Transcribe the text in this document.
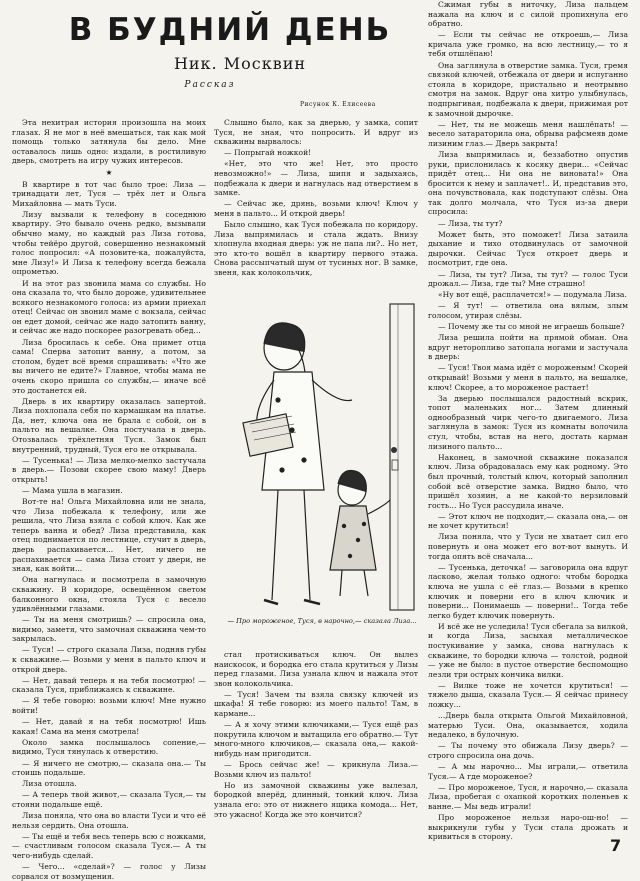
В БУДНИЙ ДЕНЬ
Ник. Москвин
Рассказ
Рисунок К. Елисеева

Эта нехитрая история произошла на моих глазах. Я не мог в неё вмешаться, так как мой помощь только затянула бы дело. Мне оставалось лишь одно: издали, в ростиливую дверь, смотреть на игру чужих интересов.

★

В квартире в тот час было трое: Лиза — тринадцати лет, Туся — трёх лет и Ольга Михайловна — мать Туси.

Лизу вызвали к телефону в соседнюю квартиру. Это бывало очень редко, вызывали обычно маму, но каждый раз Лиза готова, чтобы тейёро другой, совершенно незнакомый голос попросил: «А позовите-ка, пожалуйста, мне Лизу!» И Лиза к телефону всегда бежала опрометью.

И на этот раз звонила мама со службы. Но она сказала то, что было дороже, удивительнее всякого незнакомого голоса: из армии приехал отец! Сейчас он звонил маме с вокзала, сейчас он едет домой, сейчас же надо затопить ванну, и сейчас же надо поскорее разогревать обед...

Лиза бросилась к себе. Она примет отца сама! Сперва затопит ванну, а потом, за столом, будет всё время спрашивать: «Что же вы ничего не едите?» Главное, чтобы мама не очень скоро пришла со службы,— иначе всё это достанется ей.

Дверь в их квартиру оказалась запертой. Лиза похлопала себя по кармашкам на платье. Да, нет, ключа она не брала с собой, он в пальто на вешалке. Она постучала в дверь. Отозвалась трёхлетняя Туся. Замок был внутренний, трудный, Туся его не открывала.

— Тусенька! — Лиза мелко-мелко застучала в дверь.— Позови скорее свою маму! Дверь открыть!

— Мама ушла в магазин.

Вот-те на! Ольга Михайловна или не знала, что Лиза побежала к телефону, или же решила, что Лиза взяла с собой ключ. Как же теперь ванна и обед? Лиза представила, как отец поднимается по лестнице, стучит в дверь, дверь распахивается... Нет, ничего не распахивается — сама Лиза стоит у двери, не зная, как войти...

Она нагнулась и посмотрела в замочную скважину. В коридоре, освещённом светом балконного окна, стояла Туся с весело удивлёнными глазами.

— Ты на меня смотришь? — спросила она, видимо, заметя, что замочная скважина чем-то закрылась.

— Туся! — строго сказала Лиза, подняв губы к скважине.— Возьми у меня в пальто ключ и открой дверь.

— Нет, давай теперь я на тебя посмотрю! — сказала Туся, приближаясь к скважине.

— Я тебе говорю: возьми ключ! Мне нужно войти!

— Нет, давай я на тебя посмотрю! Ишь какая! Сама на меня смотрела!

Около замка послышалось сопение,— видимо, Туся тянулась к отверстию.

— Я ничего не смотрю,— сказала она.— Ты стоишь подальше.

Лиза отошла.

— А теперь твой живот,— сказала Туся,— ты стояни подальше ещё.

Лиза поняла, что она во власти Туси и что её нельзя сердить. Она отошла.

— Ты ещё и тебя весь теперь всю с ножками,— счастливым голосом сказала Туся.— А ты чего-нибудь сделай.

— Чего... «сделай»? — голос у Лизы сорвался от возмущения.

Слышно было, как за дверью, у замка, сопит Туся, не зная, что попросить. И вдруг из скважины вырвалось:

— Попрыгай ножкой!

«Нет, это что же! Нет, это просто невозможно!» — Лиза, шипя и задыхаясь, подбежала к двери и нагнулась над отверстием в замке.

— Сейчас же, дрянь, возьми ключ! Ключ у меня в пальто... И открой дверь!

Было слышно, как Туся побежала по коридору. Лиза выпрямилась и стала ждать. Внизу хлопнула входная дверь: уж не папа ли?.. Но нет, это кто-то вошёл в квартиру первого этажа. Снова рассыпчатый шум от тусиных ног. В замке, звеня, как колокольчик,

— Про мороженое, Туся, в нарочно,— сказала Лиза...

стал протискиваться ключ. Он вылез наискосок, и бородка его стала крутиться у Лизы перед глазами. Лиза узнала ключ и нажала этот звон колокольчика.

— Туся! Зачем ты взяла связку ключей из шкафа! Я тебе говорю: из моего пальто! Там, в кармане...

— А я хочу этими ключиками,— Туся ещё раз покрутила ключом и вытащила его обратно.— Тут много-много ключиков,— сказала она,— какой-нибудь нам пригодится.

— Брось сейчас же! — крикнула Лиза.— Возьми ключ из пальто!

Но из замочной скважины уже вылезал, бородкой вперёд, длинный, тонкий ключ. Лиза узнала его: это от нижнего ящика комода... Нет, это ужасно! Когда же это кончится?

Сжимая губы в ниточку, Лиза пальцем нажала на ключ и с силой пропихнула его обратно.

— Если ты сейчас не откроешь,— Лиза кричала уже громко, на всю лестницу,— то я тебя отшлёпаю!

Она заглянула в отверстие замка. Туся, гремя связкой ключей, отбежала от двери и испуганно стояла в коридоре, пристально и неотрывно смотря на замок. Вдруг она хитро улыбнулась, подпрыгивая, подбежала к двери, прижимая рот к замочной дырочке.

— Нет, ты не можешь меня нашлёпать! — весело затараторила она, обрыва рафсмеяв доме лизиним глаз.— Дверь закрыта!

Лиза выпрямилась и, беззаботно опустив руки, прислонилась к косяку двери... «Сейчас придёт отец... Ни она не виновата!» Она бросится к нему и заплачет!.. И, представив это, она почувствовала, как подступают слёзы. Она так долго молчала, что Туся из-за двери спросила:

— Лиза, ты тут?

Может быть, это поможет! Лиза затаила дыхание и тихо отодвинулась от замочной дырочки. Сейчас Туся откроет дверь и посмотрит, где она.

— Лиза, ты тут? Лиза, ты тут? — голос Туси дрожал.— Лиза, где ты? Мне страшно!

«Ну вот ещё, расплачется!» — подумала Лиза.

— Я тут! — ответила она вялым, злым голосом, утирая слёзы.

— Почему же ты со мной не играешь больше?

Лиза решила пойти на прямой обман. Она вдруг неторопливо затопала ногами и застучала в дверь:

— Туся! Твоя мама идёт с мороженым! Скорей открывай! Возьми у меня в пальто, на вешалке, ключ! Скорее, а то мороженое растает!

За дверью послышался радостный вскрик, топот маленьких ног... Затем длинный однообразный чирк чего-то двигаемого. Лиза заглянула в замок: Туся из комнаты волочила стул, чтобы, встав на него, достать карман лизиного пальто...

Наконец, в замочной скважине показался ключ. Лиза обрадовалась ему как родному. Это был прочный, толстый ключ, который заполнил собой всё отверстие замка. Видно было, что пришёл хозяин, а не какой-то верзиловый гость... Но Туся рассудила иначе.

— Этот ключ не подходит,— сказала она,— он не хочет крутиться!

Лиза поняла, что у Туси не хватает сил его повернуть и она может его вот-вот вынуть. И тогда опять всё сначала...

— Тусенька, деточка! — заговорила она вдруг ласково, желая только одного: чтобы бородка ключа не ушла с её глаз.— Возьми в крепко ключик и поверни его в ключ ключик и поверни... Понимаешь — поверни!.. Тогда тебе легко будет ключик повернуть.

И всё же не уследила! Туся сбегала за вилкой, и когда Лиза, засыхая металлическое постукивание у замка, снова нагнулась к скважине, то бородки ключа — толстой, родной — уже не было: в пустое отверстие беспомощно лезли три острых кончика вилки.

— Вилке тоже не хочется крутиться! — тяжело дыша, сказала Туся.— Я сейчас принесу ложку...

...Дверь была открыта Ольгой Михайловной, матерью Туси. Она, оказывается, ходила недалеко, в булочную.

— Ты почему это обижала Лизу дверь? — строго спросила она дочь.

— А мы нарочно... Мы играли,— ответила Туся.— А где мороженое?

— Про мороженое, Туся, я нарочно,— сказала Лиза, пробегая с охапкой коротких поленьев к ванне.— Мы ведь играли!

Про мороженое нельзя наро-ош-но! — выкрикнули губы у Туси стала дрожать и кривиться в сторону.	7
